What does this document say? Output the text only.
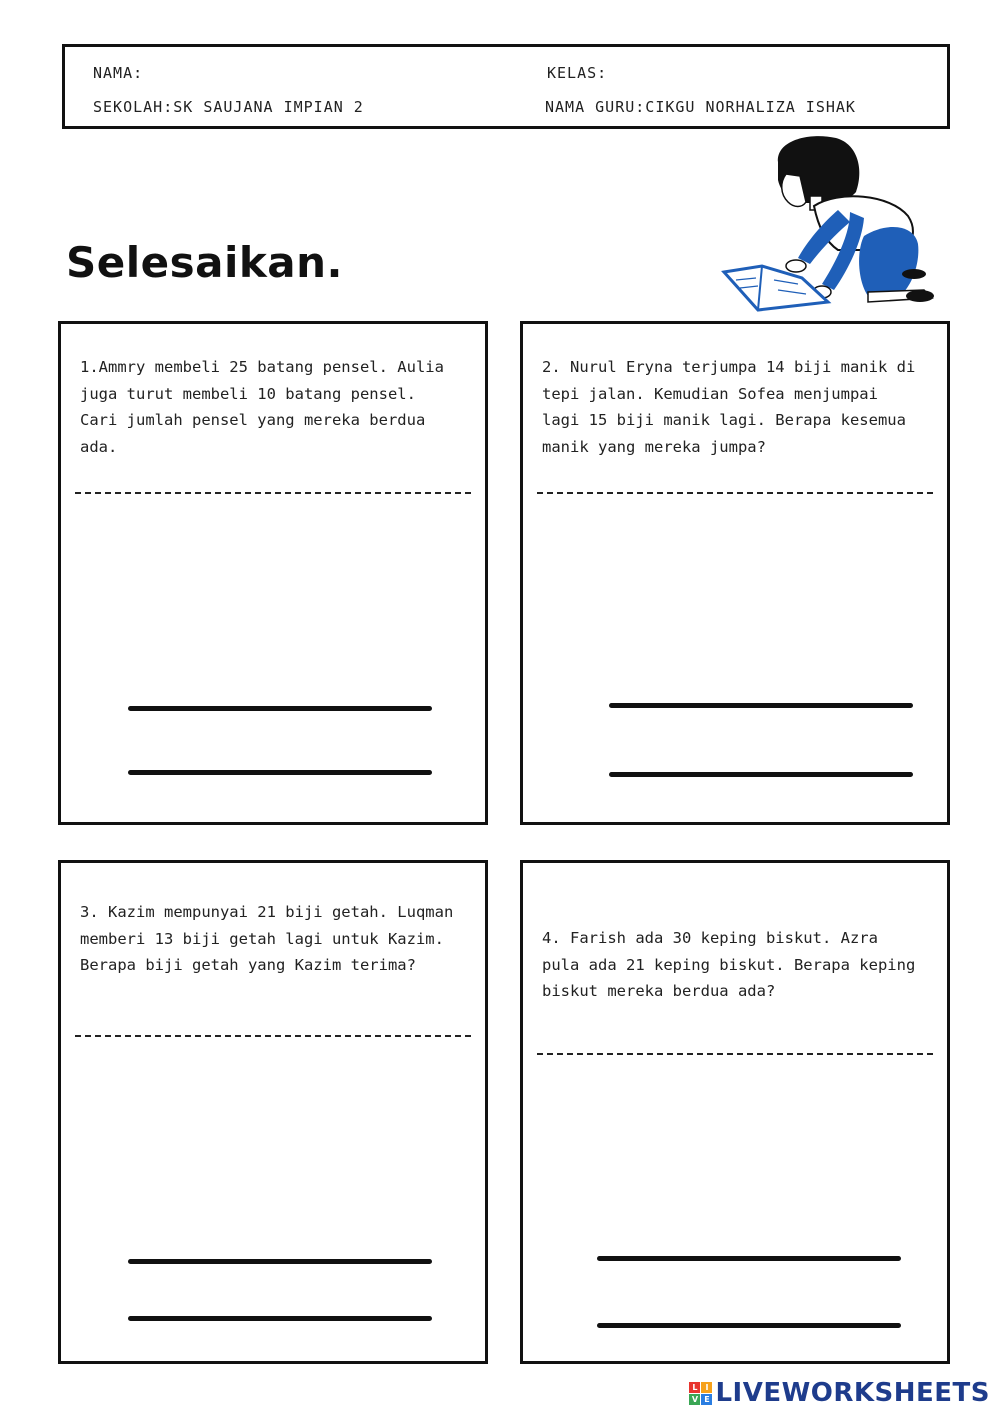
NAMA:	KELAS:
SEKOLAH:SK SAUJANA IMPIAN 2	NAMA GURU:CIKGU NORHALIZA ISHAK
Selesaikan.
1.Ammry membeli 25 batang pensel. Aulia
juga turut membeli 10 batang pensel.
Cari jumlah pensel yang mereka berdua
ada.
2. Nurul Eryna terjumpa 14 biji manik di
tepi jalan. Kemudian Sofea menjumpai
lagi 15 biji manik lagi. Berapa kesemua
manik yang mereka jumpa?
3. Kazim mempunyai 21 biji getah. Luqman
memberi 13 biji getah lagi untuk Kazim.
Berapa biji getah yang Kazim terima?
4. Farish ada 30 keping biskut. Azra
pula ada 21 keping biskut. Berapa keping
biskut mereka berdua ada?
L I
V E LIVEWORKSHEETS
